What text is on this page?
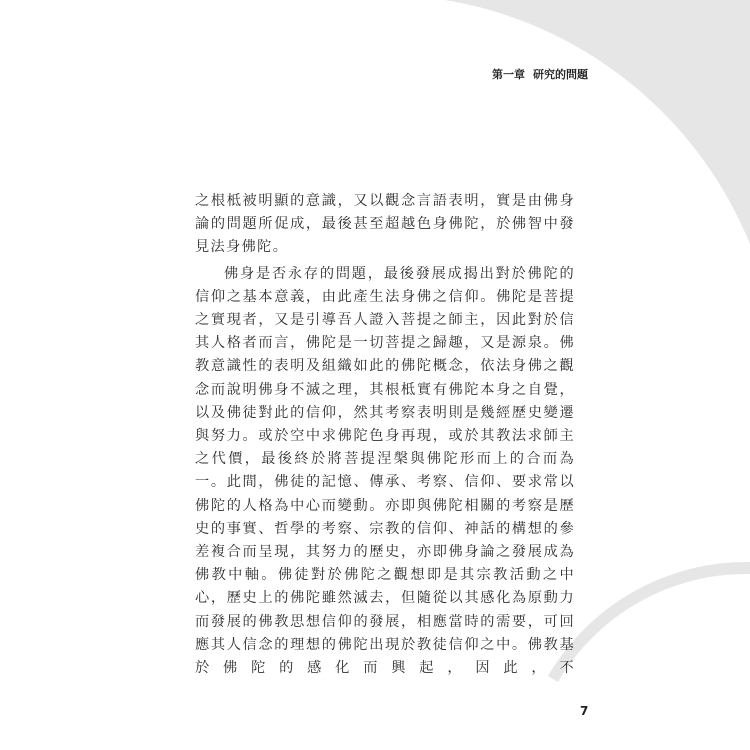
第一章 研究的問題

之根柢被明顯的意識，又以觀念言語表明，實是由佛身論的問題所促成，最後甚至超越色身佛陀，於佛智中發見法身佛陀。

佛身是否永存的問題，最後發展成揭出對於佛陀的信仰之基本意義，由此產生法身佛之信仰。佛陀是菩提之實現者，又是引導吾人證入菩提之師主，因此對於信其人格者而言，佛陀是一切菩提之歸趣，又是源泉。佛教意識性的表明及組織如此的佛陀概念，依法身佛之觀念而說明佛身不滅之理，其根柢實有佛陀本身之自覺，以及佛徒對此的信仰，然其考察表明則是幾經歷史變遷與努力。或於空中求佛陀色身再現，或於其教法求師主之代價，最後終於將菩提涅槃與佛陀形而上的合而為一。此間，佛徒的記憶、傳承、考察、信仰、要求常以佛陀的人格為中心而變動。亦即與佛陀相關的考察是歷史的事實、哲學的考察、宗教的信仰、神話的構想的參差複合而呈現，其努力的歷史，亦即佛身論之發展成為佛教中軸。佛徒對於佛陀之觀想即是其宗教活動之中心，歷史上的佛陀雖然滅去，但隨從以其感化為原動力而發展的佛教思想信仰的發展，相應當時的需要，可回應其人信念的理想的佛陀出現於教徒信仰之中。佛教基於佛陀的感化而興起，因此，不

7
